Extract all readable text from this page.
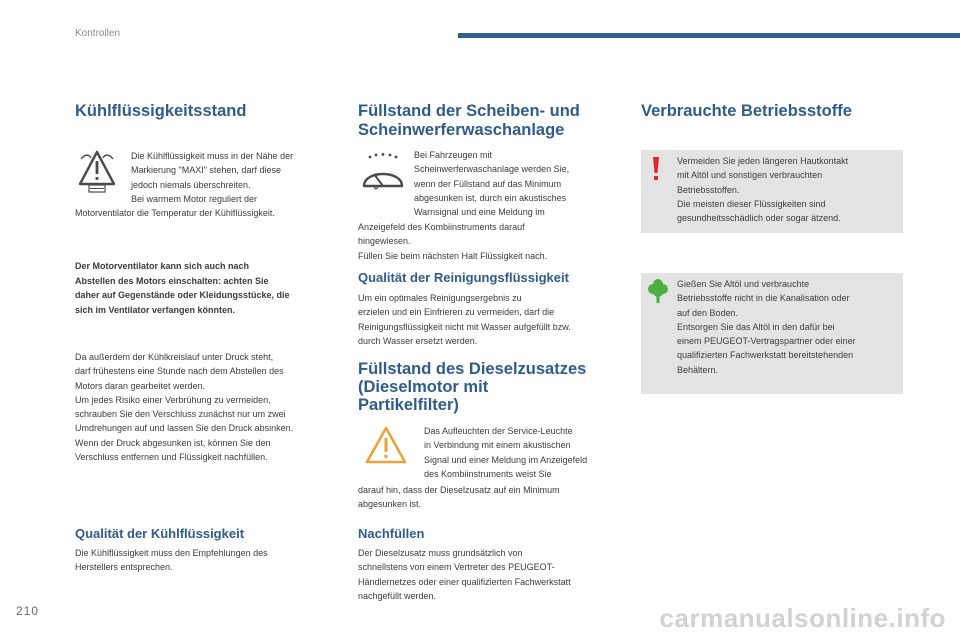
Kontrollen
Kühlflüssigkeitsstand

Die Kühlflüssigkeit muss in der Nähe der

Markierung "MAXI" stehen, darf diese

jedoch niemals überschreiten.

Bei warmem Motor reguliert der

Motorventilator die Temperatur der Kühlflüssigkeit.

Der Motorventilator kann sich auch nach

Abstellen des Motors einschalten: achten Sie

daher auf Gegenstände oder Kleidungsstücke, die

sich im Ventilator verfangen könnten.

Da außerdem der Kühlkreislauf unter Druck steht,

darf frühestens eine Stunde nach dem Abstellen des

Motors daran gearbeitet werden.

Um jedes Risiko einer Verbrühung zu vermeiden,

schrauben Sie den Verschluss zunächst nur um zwei

Umdrehungen auf und lassen Sie den Druck absinken.

Wenn der Druck abgesunken ist, können Sie den

Verschluss entfernen und Flüssigkeit nachfüllen.

Qualität der Kühlflüssigkeit

Die Kühlflüssigkeit muss den Empfehlungen des

Herstellers entsprechen.

Füllstand der Scheiben- und
Scheinwerferwaschanlage

Bei Fahrzeugen mit

Scheinwerferwaschanlage werden Sie,

wenn der Füllstand auf das Minimum

abgesunken ist, durch ein akustisches

Warnsignal und eine Meldung im

Anzeigefeld des Kombiinstruments darauf

hingewiesen.

Füllen Sie beim nächsten Halt Flüssigkeit nach.

Qualität der Reinigungsflüssigkeit

Um ein optimales Reinigungsergebnis zu

erzielen und ein Einfrieren zu vermeiden, darf die

Reinigungsflüssigkeit nicht mit Wasser aufgefüllt bzw.

durch Wasser ersetzt werden.

Füllstand des Dieselzusatzes
(Dieselmotor mit
Partikelfilter)

Das Aufleuchten der Service-Leuchte

in Verbindung mit einem akustischen

Signal und einer Meldung im Anzeigefeld

des Kombiinstruments weist Sie

darauf hin, dass der Dieselzusatz auf ein Minimum

abgesunken ist.

Nachfüllen

Der Dieselzusatz muss grundsätzlich von

schnellstens von einem Vertreter des PEUGEOT-

Händlernetzes oder einer qualifizierten Fachwerkstatt

nachgefüllt werden.

Verbrauchte Betriebsstoffe

Vermeiden Sie jeden längeren Hautkontakt

mit Altöl und sonstigen verbrauchten

Betriebsstoffen.

Die meisten dieser Flüssigkeiten sind

gesundheitsschädlich oder sogar ätzend.

Gießen Sie Altöl und verbrauchte

Betriebsstoffe nicht in die Kanalisation oder

auf den Boden.

Entsorgen Sie das Altöl in den dafür bei

einem PEUGEOT-Vertragspartner oder einer

qualifizierten Fachwerkstatt bereitstehenden

Behältern.

210	carmanualsonline.info
